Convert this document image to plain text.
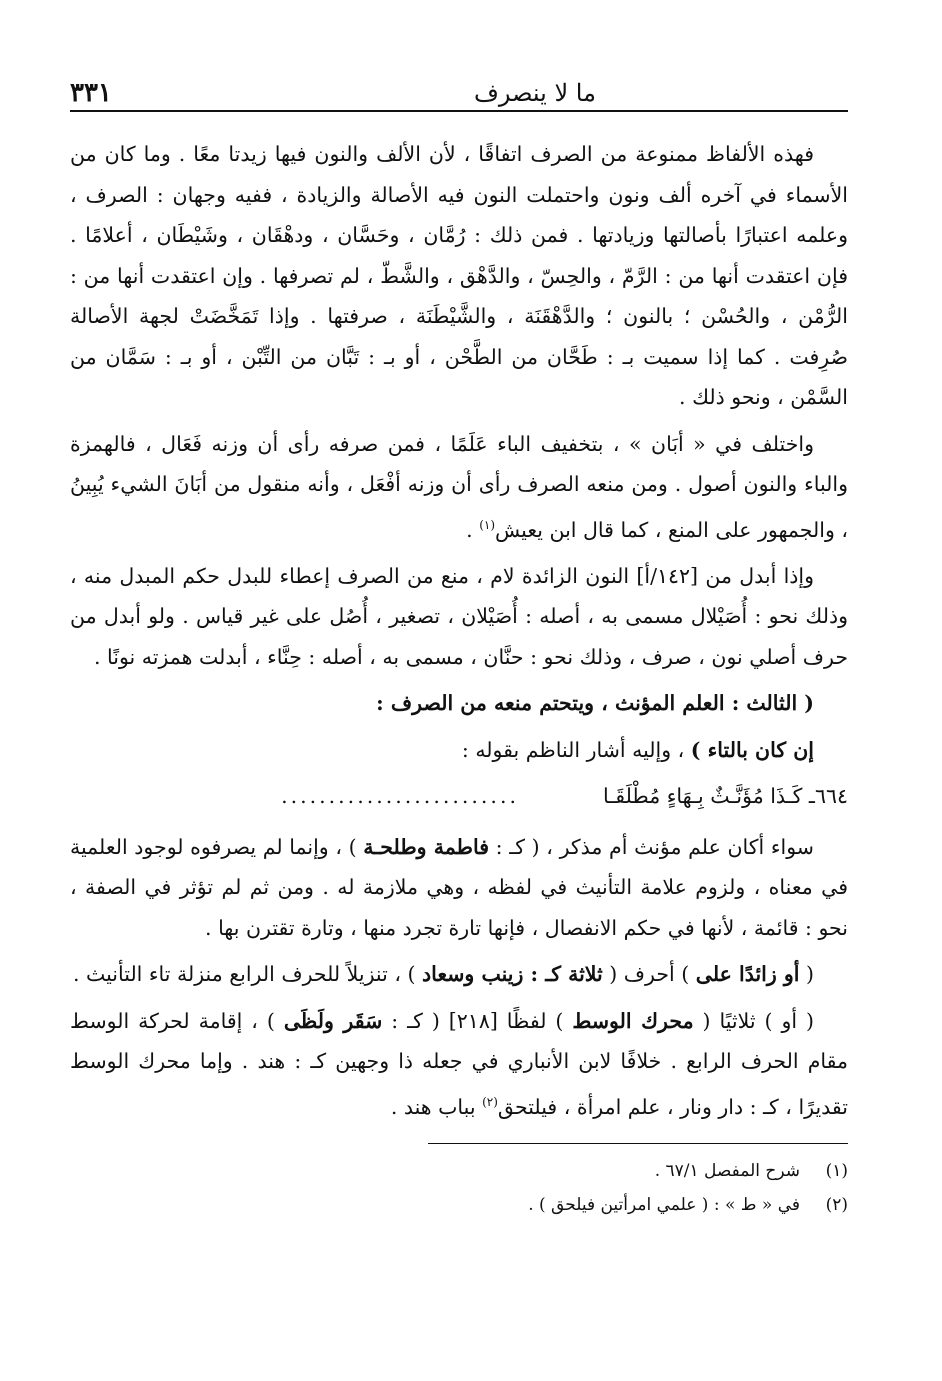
ما لا ينصرف
٣٣١

فهذه الألفاظ ممنوعة من الصرف اتفاقًا ، لأن الألف والنون فيها زيدتا معًا . وما كان من الأسماء في آخره ألف ونون واحتملت النون فيه الأصالة والزيادة ، ففيه وجهان : الصرف ، وعلمه اعتبارًا بأصالتها وزيادتها . فمن ذلك : رُمَّان ، وحَسَّان ، ودهْقَان ، وشَيْطَان ، أعلامًا . فإن اعتقدت أنها من : الرَّمّ ، والحِسّ ، والدَّهْق ، والشَّطّ ، لم تصرفها . وإن اعتقدت أنها من : الرُّمْن ، والحُسْن ؛ بالنون ؛ والدَّهْقَنَة ، والشَّيْطَنَة ، صرفتها . وإذا تَمَخَّضَتْ لجهة الأصالة صُرِفت . كما إذا سميت بـ : طَحَّان من الطَّحْن ، أو بـ : تَبَّان من التِّبْن ، أو بـ : سَمَّان من السَّمْن ، ونحو ذلك .

واختلف في « أبَان » ، بتخفيف الباء عَلَمًا ، فمن صرفه رأى أن وزنه فَعَال ، فالهمزة والباء والنون أصول . ومن منعه الصرف رأى أن وزنه أفْعَل ، وأنه منقول من أبَانَ الشيء يُبِينُ ، والجمهور على المنع ، كما قال ابن يعيش$^{(١)}$ .

وإذا أبدل من [١٤٢/أ] النون الزائدة لام ، منع من الصرف إعطاء للبدل حكم المبدل منه ، وذلك نحو : أُصَيْلال مسمى به ، أصله : أُصَيْلان ، تصغير ، أُصُل على غير قياس . ولو أبدل من حرف أصلي نون ، صرف ، وذلك نحو : حنَّان ، مسمى به ، أصله : حِنَّاء ، أبدلت همزته نونًا .

( الثالث : العلم المؤنث ، ويتحتم منعه من الصرف :

إن كان بالتاء ) ، وإليه أشار الناظم بقوله :

٦٦٤ـ كَـذَا مُؤَنَّـثٌ بِـهَاءٍ مُطْلَقَـا
.........................

سواء أكان علم مؤنث أم مذكر ، ( كـ : فاطمة وطلحـة ) ، وإنما لم يصرفوه لوجود العلمية في معناه ، ولزوم علامة التأنيث في لفظه ، وهي ملازمة له . ومن ثم لم تؤثر في الصفة ، نحو : قائمة ، لأنها في حكم الانفصال ، فإنها تارة تجرد منها ، وتارة تقترن بها .

( أو زائدًا على ) أحرف ( ثلاثة كـ : زينب وسعاد ) ، تنزيلاً للحرف الرابع منزلة تاء التأنيث .

( أو ) ثلاثيًا ( محرك الوسط ) لفظًا [٢١٨] ( كـ : سَقَر ولَظَى ) ، إقامة لحركة الوسط مقام الحرف الرابع . خلافًا لابن الأنباري في جعله ذا وجهين كـ : هند . وإما محرك الوسط تقديرًا ، كـ : دار ونار ، علم امرأة ، فيلتحق$^{(٢)}$ بباب هند .

(١)
شرح المفصل ٦٧/١ .
(٢)
في « ط » : ( علمي امرأتين فيلحق ) .
